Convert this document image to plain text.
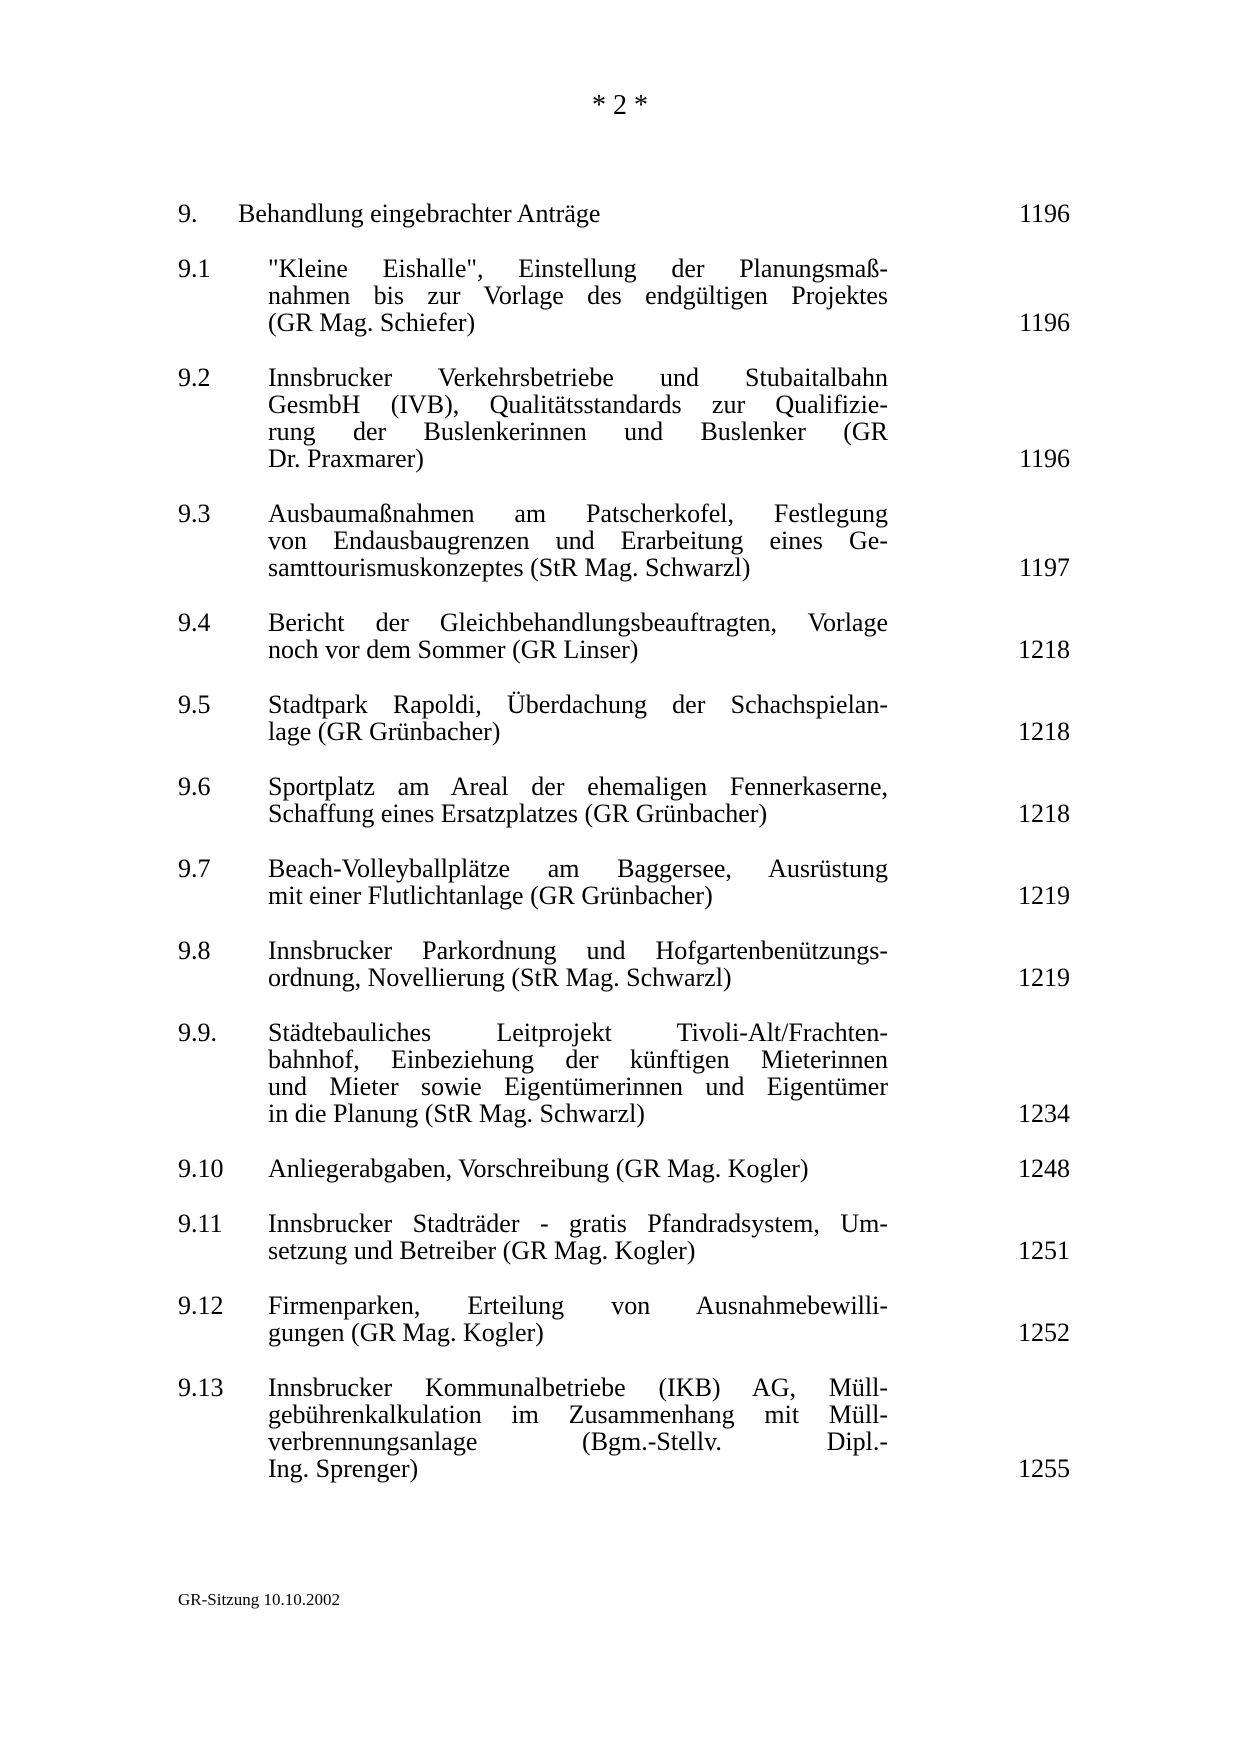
* 2 *
9.	Behandlung eingebrachter Anträge	1196
9.1	"Kleine Eishalle", Einstellung der Planungsmaß-
nahmen bis zur Vorlage des endgültigen Projektes
(GR Mag. Schiefer)	1196
9.2	Innsbrucker Verkehrsbetriebe und Stubaitalbahn
GesmbH (IVB), Qualitätsstandards zur Qualifizie-
rung der Buslenkerinnen und Buslenker (GR
Dr. Praxmarer)	1196
9.3	Ausbaumaßnahmen am Patscherkofel, Festlegung
von Endausbaugrenzen und Erarbeitung eines Ge-
samttourismuskonzeptes (StR Mag. Schwarzl)	1197
9.4	Bericht der Gleichbehandlungsbeauftragten, Vorlage
noch vor dem Sommer (GR Linser)	1218
9.5	Stadtpark Rapoldi, Überdachung der Schachspielan-
lage (GR Grünbacher)	1218
9.6	Sportplatz am Areal der ehemaligen Fennerkaserne,
Schaffung eines Ersatzplatzes (GR Grünbacher)	1218
9.7	Beach-Volleyballplätze am Baggersee, Ausrüstung
mit einer Flutlichtanlage (GR Grünbacher)	1219
9.8	Innsbrucker Parkordnung und Hofgartenbenützungs-
ordnung, Novellierung (StR Mag. Schwarzl)	1219
9.9.	Städtebauliches Leitprojekt Tivoli-Alt/Frachten-
bahnhof, Einbeziehung der künftigen Mieterinnen
und Mieter sowie Eigentümerinnen und Eigentümer
in die Planung (StR Mag. Schwarzl)	1234
9.10	Anliegerabgaben, Vorschreibung (GR Mag. Kogler)	1248
9.11	Innsbrucker Stadträder - gratis Pfandradsystem, Um-
setzung und Betreiber (GR Mag. Kogler)	1251
9.12	Firmenparken, Erteilung von Ausnahmebewilli-
gungen (GR Mag. Kogler)	1252
9.13	Innsbrucker Kommunalbetriebe (IKB) AG, Müll-
gebührenkalkulation im Zusammenhang mit Müll-
verbrennungsanlage (Bgm.-Stellv. Dipl.-
Ing. Sprenger)	1255
GR-Sitzung 10.10.2002
